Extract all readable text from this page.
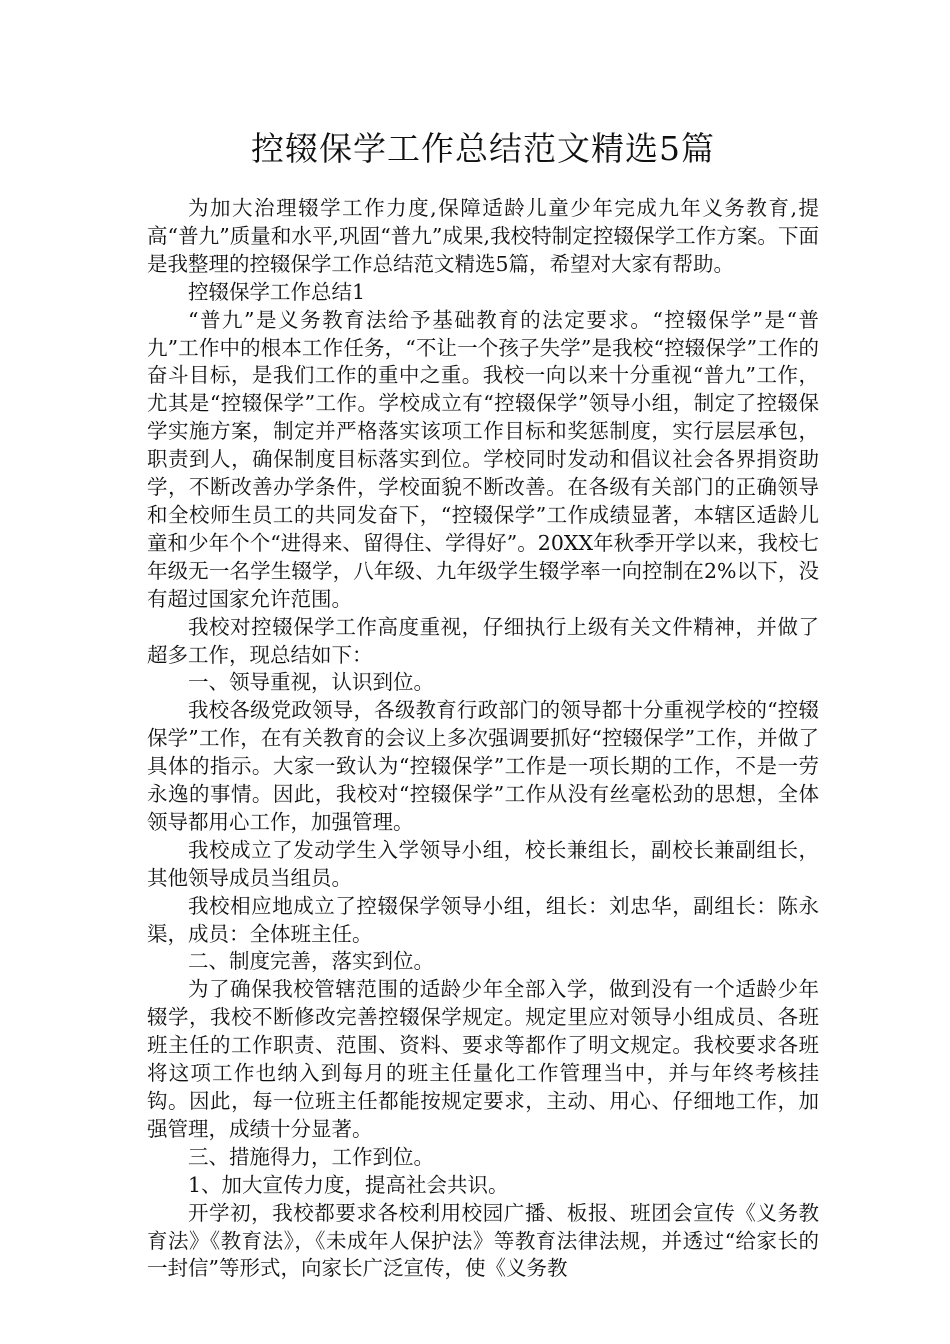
控辍保学工作总结范文精选5篇

为加大治理辍学工作力度,保障适龄儿童少年完成九年义务教育,提高“普九”质量和水平,巩固“普九”成果,我校特制定控辍保学工作方案。下面是我整理的控辍保学工作总结范文精选5篇，希望对大家有帮助。

控辍保学工作总结1

“普九”是义务教育法给予基础教育的法定要求。“控辍保学”是“普九”工作中的根本工作任务，“不让一个孩子失学”是我校“控辍保学”工作的奋斗目标，是我们工作的重中之重。我校一向以来十分重视“普九”工作，尤其是“控辍保学”工作。学校成立有“控辍保学”领导小组，制定了控辍保学实施方案，制定并严格落实该项工作目标和奖惩制度，实行层层承包，职责到人，确保制度目标落实到位。学校同时发动和倡议社会各界捐资助学，不断改善办学条件，学校面貌不断改善。在各级有关部门的正确领导和全校师生员工的共同发奋下，“控辍保学”工作成绩显著，本辖区适龄儿童和少年个个“进得来、留得住、学得好”。20XX年秋季开学以来，我校七年级无一名学生辍学，八年级、九年级学生辍学率一向控制在2%以下，没有超过国家允许范围。

我校对控辍保学工作高度重视，仔细执行上级有关文件精神，并做了超多工作，现总结如下：

一、领导重视，认识到位。

我校各级党政领导，各级教育行政部门的领导都十分重视学校的“控辍保学”工作，在有关教育的会议上多次强调要抓好“控辍保学”工作，并做了具体的指示。大家一致认为“控辍保学”工作是一项长期的工作，不是一劳永逸的事情。因此，我校对“控辍保学”工作从没有丝毫松劲的思想，全体领导都用心工作，加强管理。

我校成立了发动学生入学领导小组，校长兼组长，副校长兼副组长，其他领导成员当组员。

我校相应地成立了控辍保学领导小组，组长：刘忠华，副组长：陈永渠，成员：全体班主任。

二、制度完善，落实到位。

为了确保我校管辖范围的适龄少年全部入学，做到没有一个适龄少年辍学，我校不断修改完善控辍保学规定。规定里应对领导小组成员、各班班主任的工作职责、范围、资料、要求等都作了明文规定。我校要求各班将这项工作也纳入到每月的班主任量化工作管理当中，并与年终考核挂钩。因此，每一位班主任都能按规定要求，主动、用心、仔细地工作，加强管理，成绩十分显著。

三、措施得力，工作到位。

1、加大宣传力度，提高社会共识。

开学初，我校都要求各校利用校园广播、板报、班团会宣传《义务教育法》《教育法》，《未成年人保护法》等教育法律法规，并透过“给家长的一封信”等形式，向家长广泛宣传，使《义务教
